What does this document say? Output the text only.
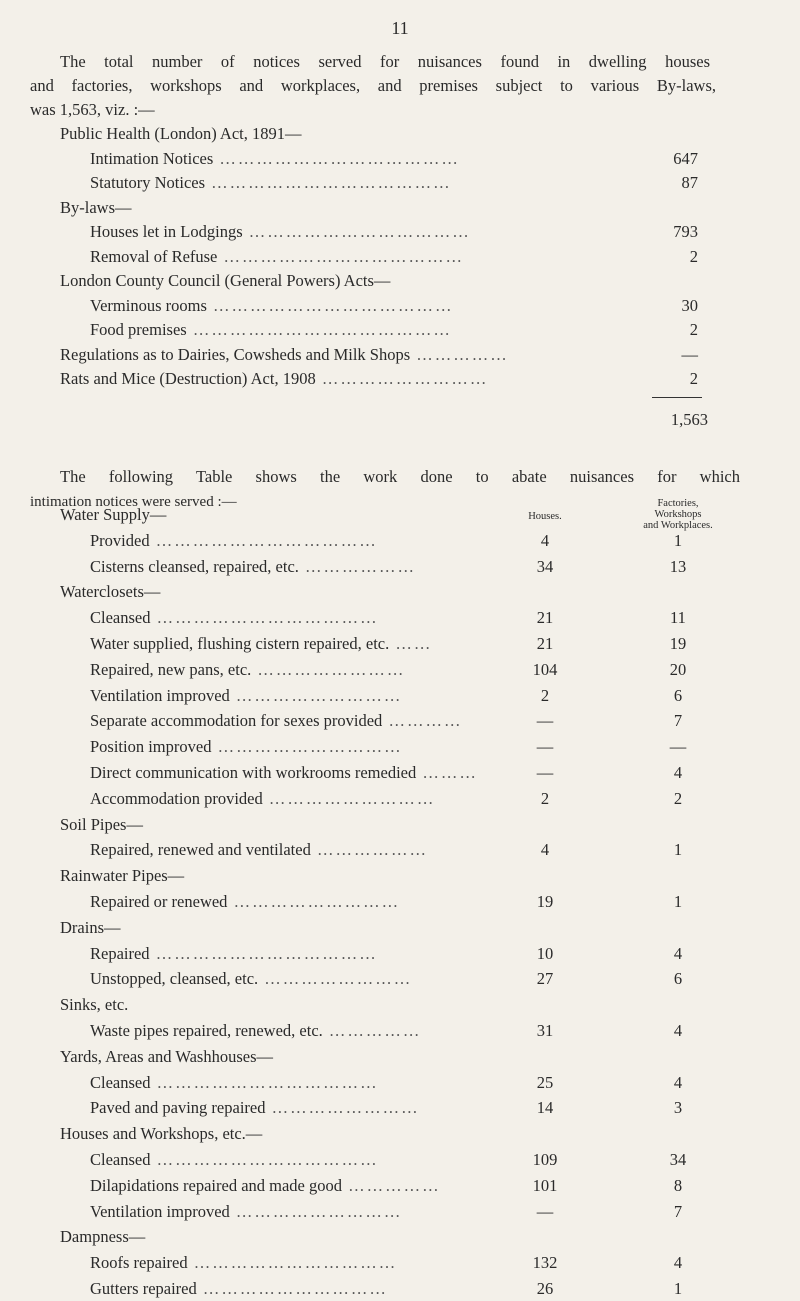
11
The total number of notices served for nuisances found in dwelling houses
and factories, workshops and workplaces, and premises subject to various By-laws,
was 1,563, viz. :—
Public Health (London) Act, 1891—
Intimation Notices …………………………………	647
Statutory Notices …………………………………	87
By-laws—
Houses let in Lodgings ………………………………	793
Removal of Refuse …………………………………	2
London County Council (General Powers) Acts—
Verminous rooms …………………………………	30
Food premises ……………………………………	2
Regulations as to Dairies, Cowsheds and Milk Shops ……………	—
Rats and Mice (Destruction) Act, 1908 ………………………	2
1,563
The following Table shows the work done to abate nuisances for which
intimation notices were served :—
Houses.
Factories,
Workshops
and Workplaces.
Water Supply—
Provided ………………………………	4	1
Cisterns cleansed, repaired, etc. ………………	34	13
Waterclosets—
Cleansed ………………………………	21	11
Water supplied, flushing cistern repaired, etc. ……	21	19
Repaired, new pans, etc. ……………………	104	20
Ventilation improved ………………………	2	6
Separate accommodation for sexes provided …………	—	7
Position improved …………………………	—	—
Direct communication with workrooms remedied ………	—	4
Accommodation provided ………………………	2	2
Soil Pipes—
Repaired, renewed and ventilated ………………	4	1
Rainwater Pipes—
Repaired or renewed ………………………	19	1
Drains—
Repaired ………………………………	10	4
Unstopped, cleansed, etc. ……………………	27	6
Sinks, etc.
Waste pipes repaired, renewed, etc. ……………	31	4
Yards, Areas and Washhouses—
Cleansed ………………………………	25	4
Paved and paving repaired ……………………	14	3
Houses and Workshops, etc.—
Cleansed ………………………………	109	34
Dilapidations repaired and made good ……………	101	8
Ventilation improved ………………………	—	7
Dampness—
Roofs repaired ……………………………	132	4
Gutters repaired …………………………	26	1
